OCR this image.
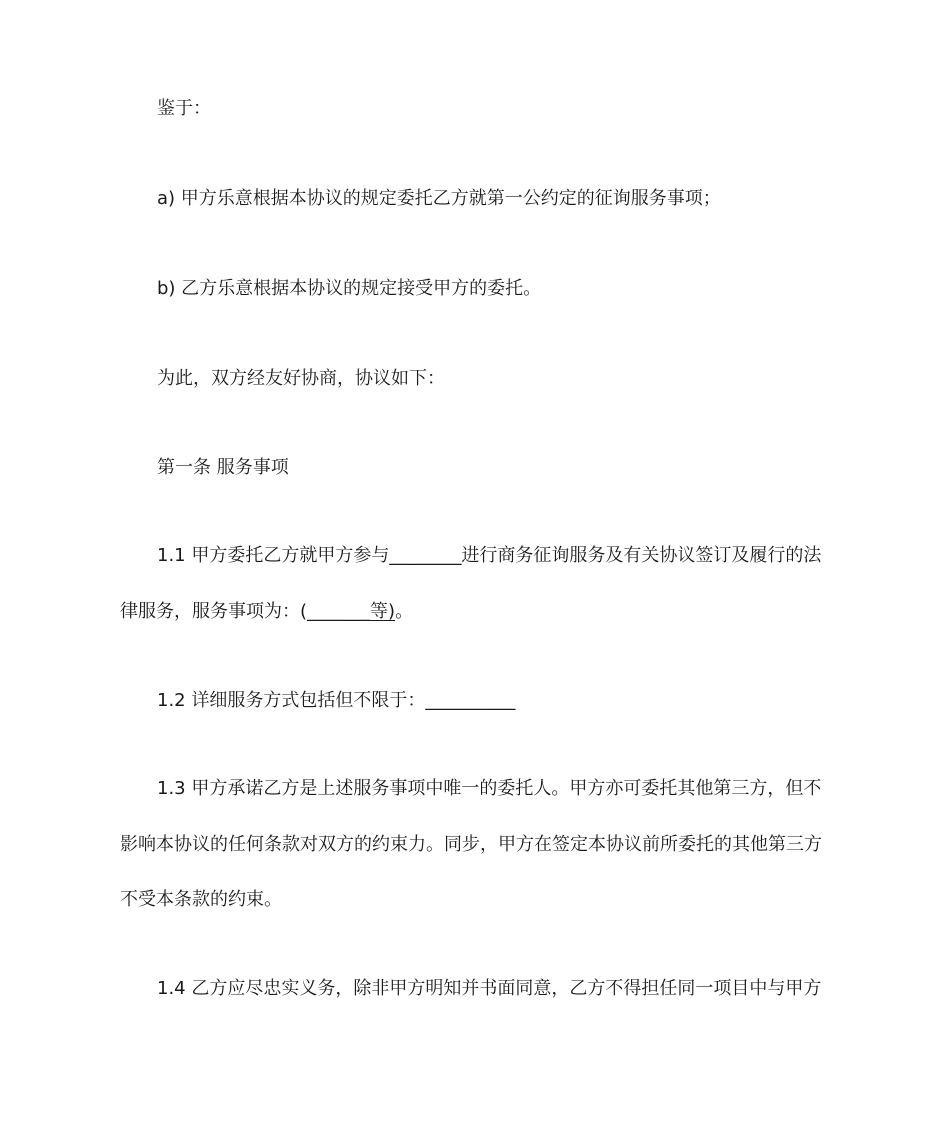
鉴于：
a) 甲方乐意根据本协议的规定委托乙方就第一公约定的征询服务事项；
b) 乙方乐意根据本协议的规定接受甲方的委托。
为此，双方经友好协商，协议如下：
第一条 服务事项
1.1 甲方委托乙方就甲方参与________进行商务征询服务及有关协议签订及履行的法
律服务，服务事项为：(_______等)。
1.2 详细服务方式包括但不限于：__________
1.3 甲方承诺乙方是上述服务事项中唯一的委托人。甲方亦可委托其他第三方，但不
影响本协议的任何条款对双方的约束力。同步，甲方在签定本协议前所委托的其他第三方
不受本条款的约束。
1.4 乙方应尽忠实义务，除非甲方明知并书面同意，乙方不得担任同一项目中与甲方
